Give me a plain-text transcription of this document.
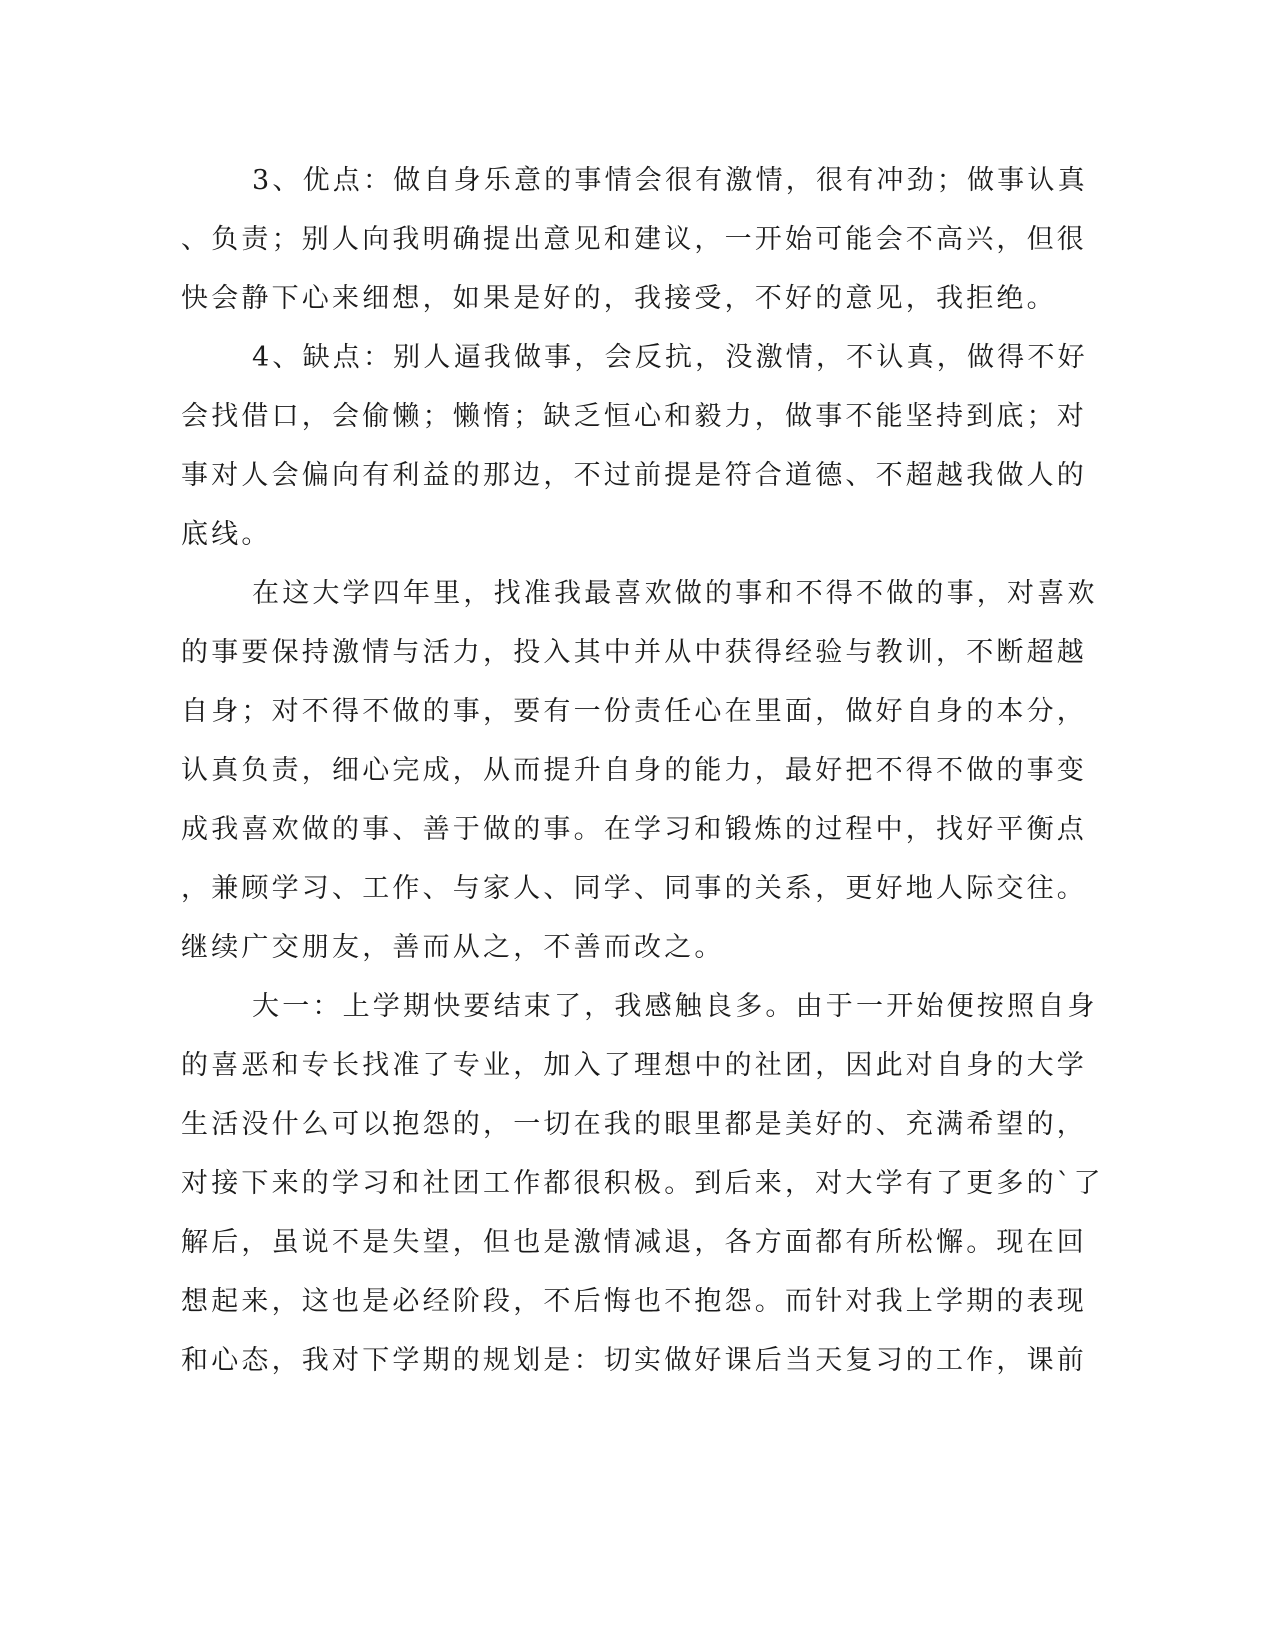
3、优点：做自身乐意的事情会很有激情，很有冲劲；做事认真
、负责；别人向我明确提出意见和建议，一开始可能会不高兴，但很
快会静下心来细想，如果是好的，我接受，不好的意见，我拒绝。
4、缺点：别人逼我做事，会反抗，没激情，不认真，做得不好
会找借口，会偷懒；懒惰；缺乏恒心和毅力，做事不能坚持到底；对
事对人会偏向有利益的那边，不过前提是符合道德、不超越我做人的
底线。
在这大学四年里，找准我最喜欢做的事和不得不做的事，对喜欢
的事要保持激情与活力，投入其中并从中获得经验与教训，不断超越
自身；对不得不做的事，要有一份责任心在里面，做好自身的本分，
认真负责，细心完成，从而提升自身的能力，最好把不得不做的事变
成我喜欢做的事、善于做的事。在学习和锻炼的过程中，找好平衡点
，兼顾学习、工作、与家人、同学、同事的关系，更好地人际交往。
继续广交朋友，善而从之，不善而改之。
大一：上学期快要结束了，我感触良多。由于一开始便按照自身
的喜恶和专长找准了专业，加入了理想中的社团，因此对自身的大学
生活没什么可以抱怨的，一切在我的眼里都是美好的、充满希望的，
对接下来的学习和社团工作都很积极。到后来，对大学有了更多的`了
解后，虽说不是失望，但也是激情减退，各方面都有所松懈。现在回
想起来，这也是必经阶段，不后悔也不抱怨。而针对我上学期的表现
和心态，我对下学期的规划是：切实做好课后当天复习的工作，课前
